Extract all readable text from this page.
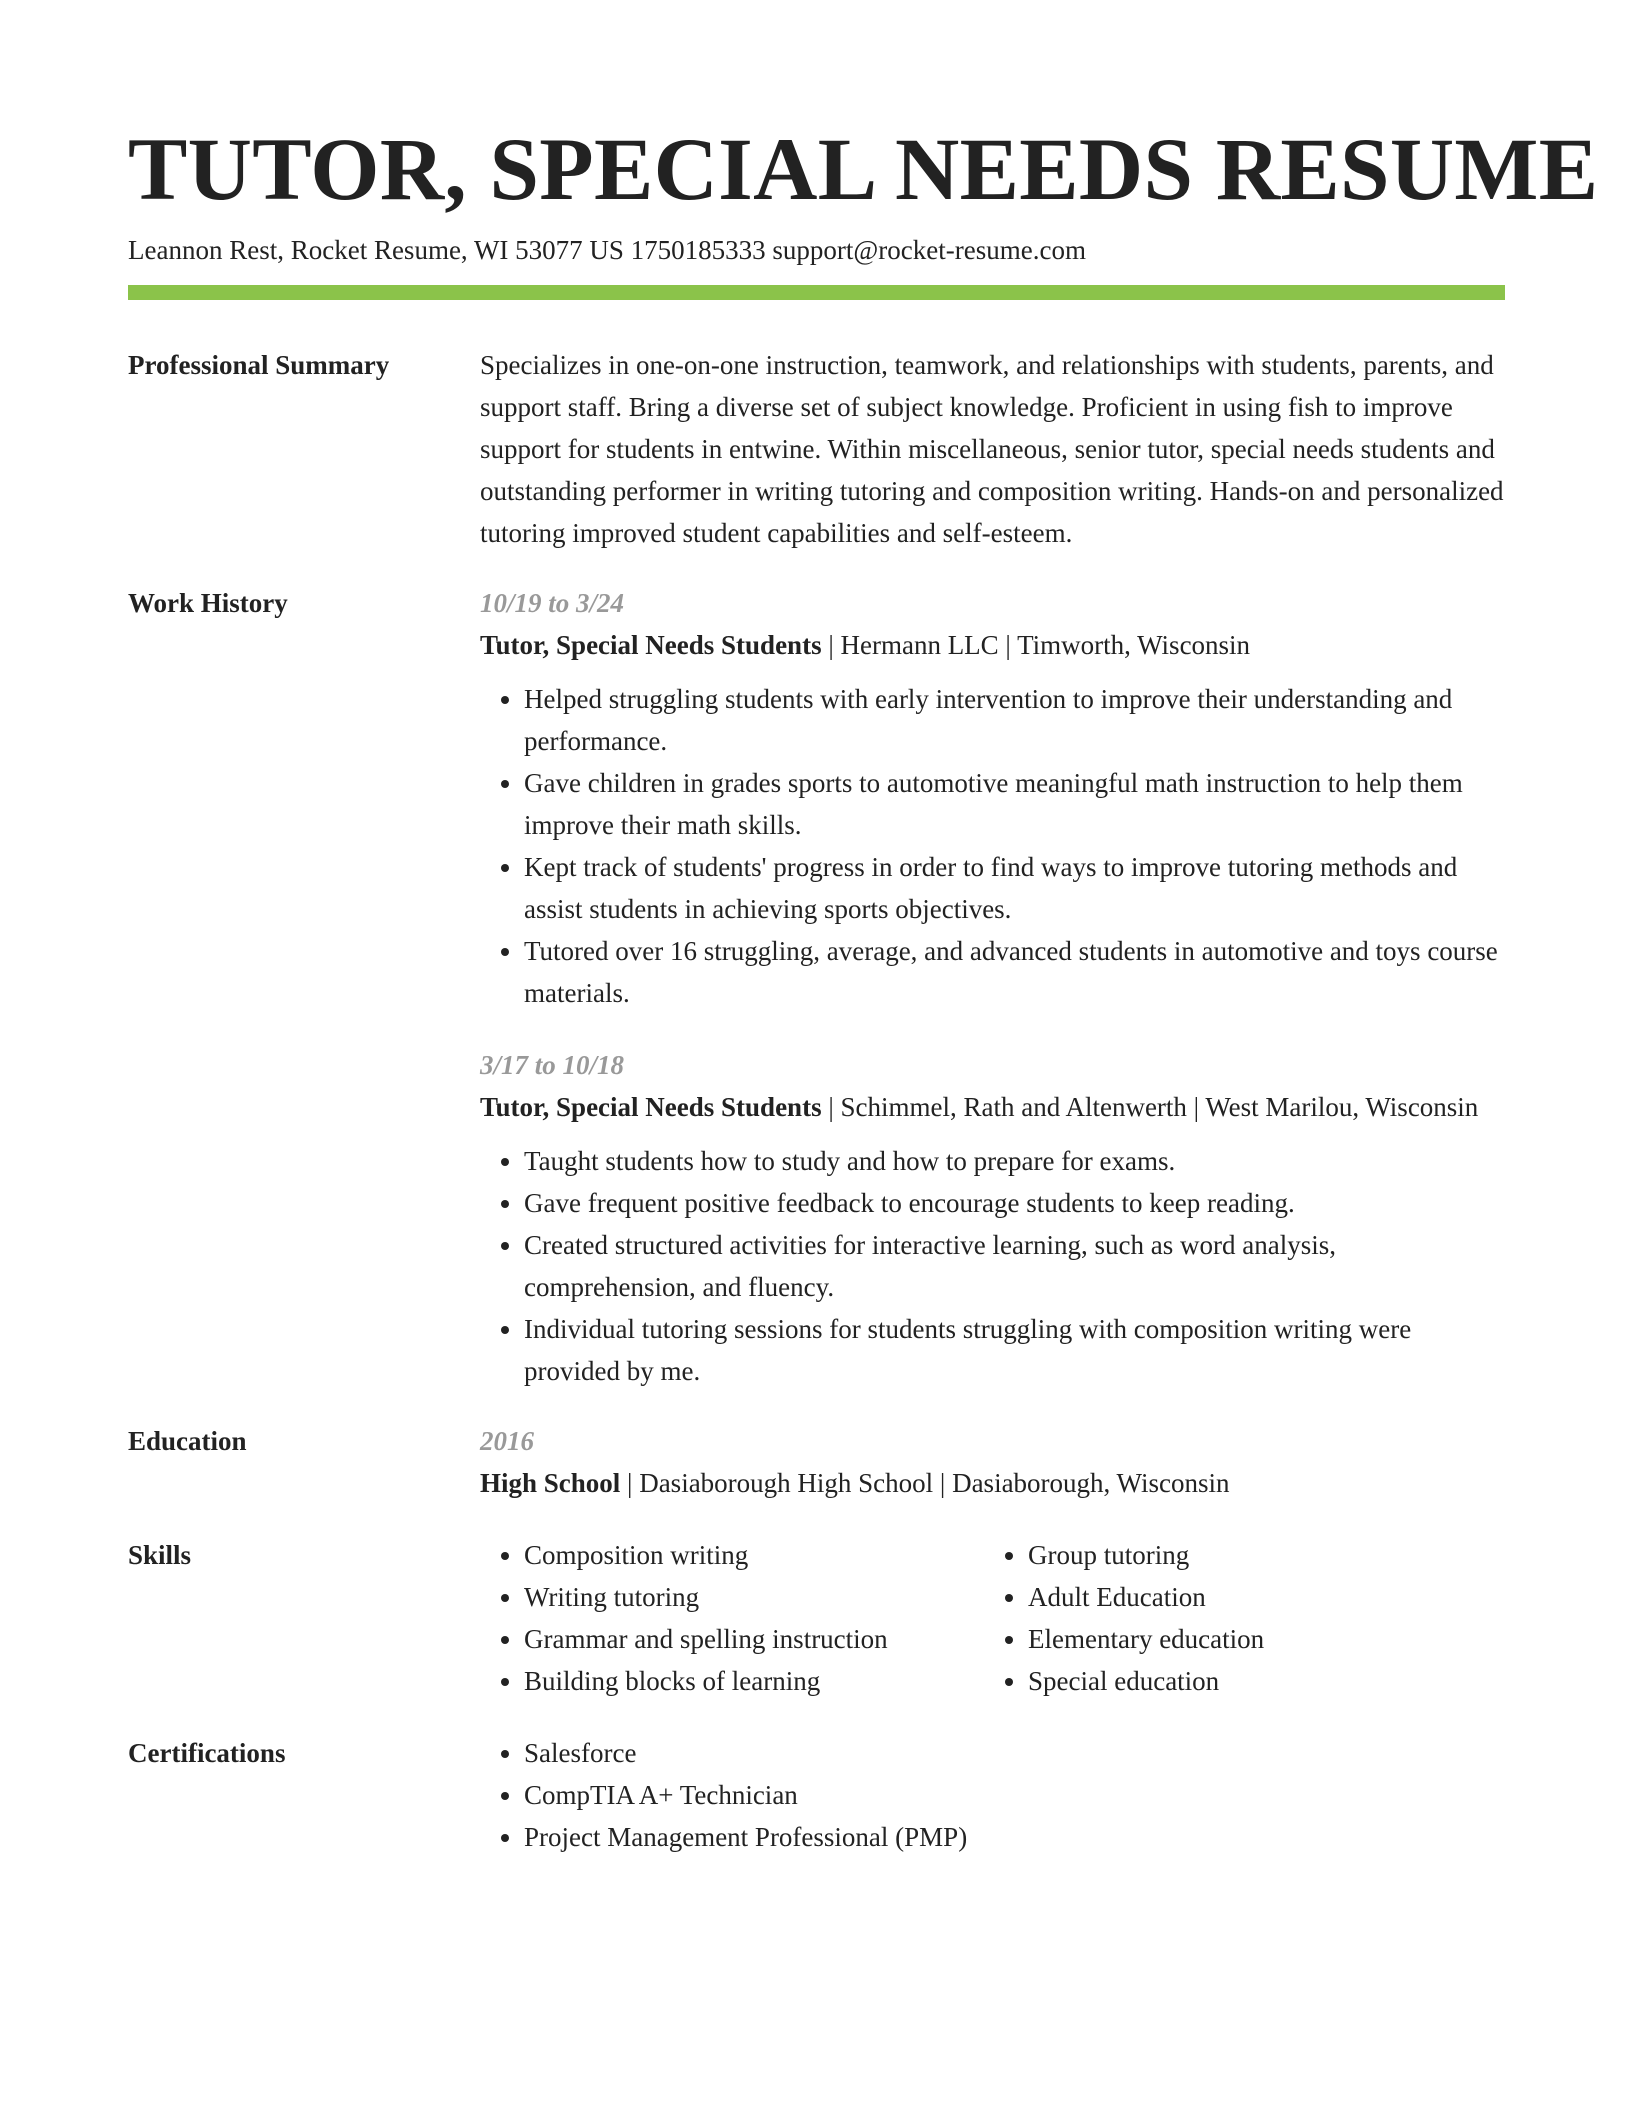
TUTOR, SPECIAL NEEDS RESUME
Leannon Rest, Rocket Resume, WI 53077 US 1750185333 support@rocket-resume.com
Professional Summary	Specializes in one-on-one instruction, teamwork, and relationships with students, parents, and support staff. Bring a diverse set of subject knowledge. Proficient in using fish to improve support for students in entwine. Within miscellaneous, senior tutor, special needs students and outstanding performer in writing tutoring and composition writing. Hands-on and personalized tutoring improved student capabilities and self-esteem.
Work History	10/19 to 3/24
Tutor, Special Needs Students | Hermann LLC | Timworth, Wisconsin
• Helped struggling students with early intervention to improve their understanding and performance.
• Gave children in grades sports to automotive meaningful math instruction to help them improve their math skills.
• Kept track of students' progress in order to find ways to improve tutoring methods and assist students in achieving sports objectives.
• Tutored over 16 struggling, average, and advanced students in automotive and toys course materials.
3/17 to 10/18
Tutor, Special Needs Students | Schimmel, Rath and Altenwerth | West Marilou, Wisconsin
• Taught students how to study and how to prepare for exams.
• Gave frequent positive feedback to encourage students to keep reading.
• Created structured activities for interactive learning, such as word analysis, comprehension, and fluency.
• Individual tutoring sessions for students struggling with composition writing were provided by me.
Education	2016
High School | Dasiaborough High School | Dasiaborough, Wisconsin
Skills	• Composition writing
• Writing tutoring
• Grammar and spelling instruction
• Building blocks of learning
• Group tutoring
• Adult Education
• Elementary education
• Special education
Certifications	• Salesforce
• CompTIA A+ Technician
• Project Management Professional (PMP)
